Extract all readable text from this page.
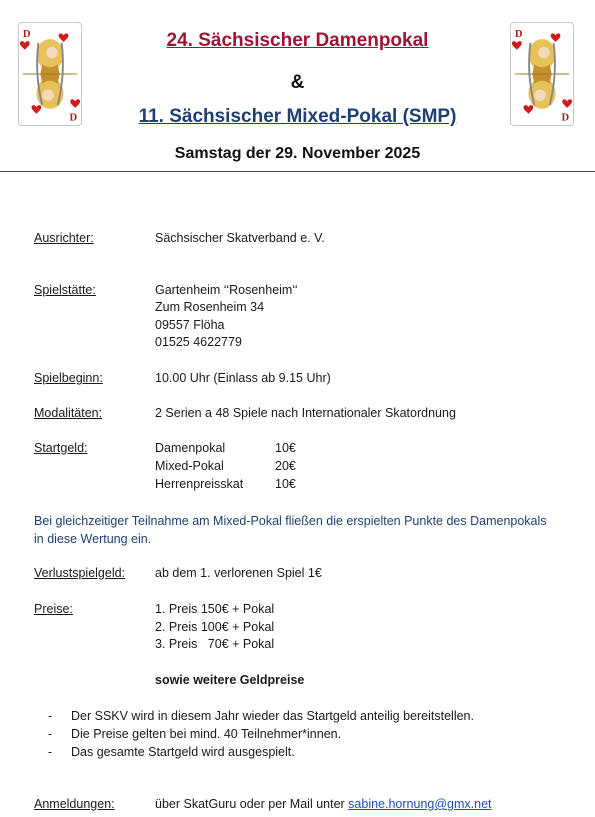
D
D
D
D
24. Sächsischer Damenpokal
&
11. Sächsischer Mixed-Pokal (SMP)
Samstag der 29. November 2025
Ausrichter:	Sächsischer Skatverband e. V.
Spielstätte:	Gartenheim ‘‘Rosenheim‘‘
Zum Rosenheim 34
09557 Flöha
01525 4622779
Spielbeginn:	10.00 Uhr (Einlass ab 9.15 Uhr)
Modalitäten:	2 Serien a 48 Spiele nach Internationaler Skatordnung
Startgeld:	Damenpokal	10€
Mixed-Pokal	20€
Herrenpreisskat	10€
Bei gleichzeitiger Teilnahme am Mixed-Pokal fließen die erspielten Punkte des Damenpokals
in diese Wertung ein.
Verlustspielgeld: ab dem 1. verlorenen Spiel 1€
Preise:	1. Preis 150€ + Pokal
2. Preis 100€ + Pokal
3. Preis   70€ + Pokal
sowie weitere Geldpreise
- Der SSKV wird in diesem Jahr wieder das Startgeld anteilig bereitstellen.
- Die Preise gelten bei mind. 40 Teilnehmer*innen.
- Das gesamte Startgeld wird ausgespielt.
Anmeldungen:	über SkatGuru oder per Mail unter sabine.hornung@gmx.net
